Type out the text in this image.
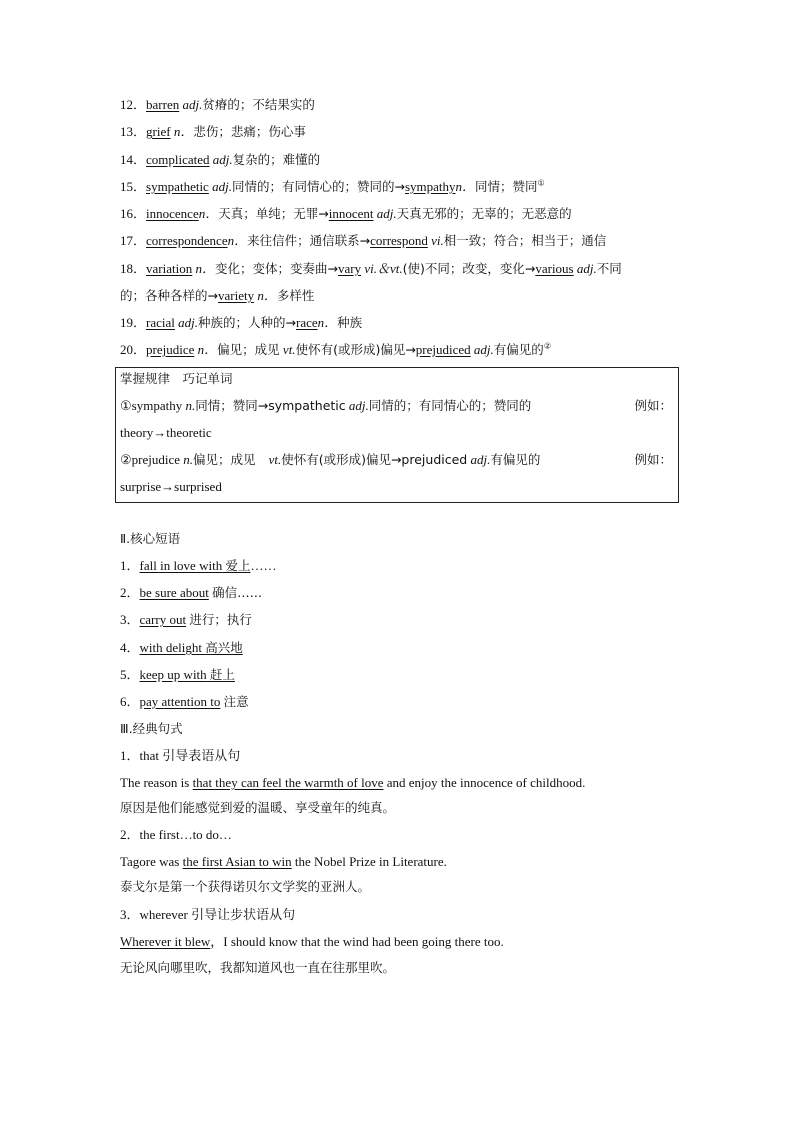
12．barren adj.贫瘠的；不结果实的
13．grief n．悲伤；悲痛；伤心事
14．complicated adj.复杂的；难懂的
15．sympathetic adj.同情的；有同情心的；赞同的→sympathyn．同情；赞同①
16．innocencen．天真；单纯；无罪→innocent adj.天真无邪的；无辜的；无恶意的
17．correspondencen．来往信件；通信联系→correspond vi.相一致；符合；相当于；通信
18．variation n．变化；变体；变奏曲→vary vi.＆vt.(使)不同；改变，变化→various adj.不同
的；各种各样的→variety n．多样性
19．racial adj.种族的；人种的→racen．种族
20．prejudice n．偏见；成见 vt.使怀有(或形成)偏见→prejudiced adj.有偏见的②
掌握规律　巧记单词
①sympathy n.同情；赞同→sympathetic adj.同情的；有同情心的；赞同的	例如：
theory→theoretic
②prejudice n.偏见；成见　 vt.使怀有(或形成)偏见→prejudiced adj.有偏见的	例如：
surprise→surprised
Ⅱ.核心短语
1．fall in love with 爱上……
2．be sure about 确信……
3．carry out 进行；执行
4．with delight 高兴地
5．keep up with 赶上
6．pay attention to 注意
Ⅲ.经典句式
1．that 引导表语从句
The reason is that they can feel the warmth of love and enjoy the innocence of childhood.
原因是他们能感觉到爱的温暖、享受童年的纯真。
2．the first…to do…
Tagore was the first Asian to win the Nobel Prize in Literature.
泰戈尔是第一个获得诺贝尔文学奖的亚洲人。
3．wherever 引导让步状语从句
Wherever it blew，I should know that the wind had been going there too.
无论风向哪里吹，我都知道风也一直在往那里吹。
